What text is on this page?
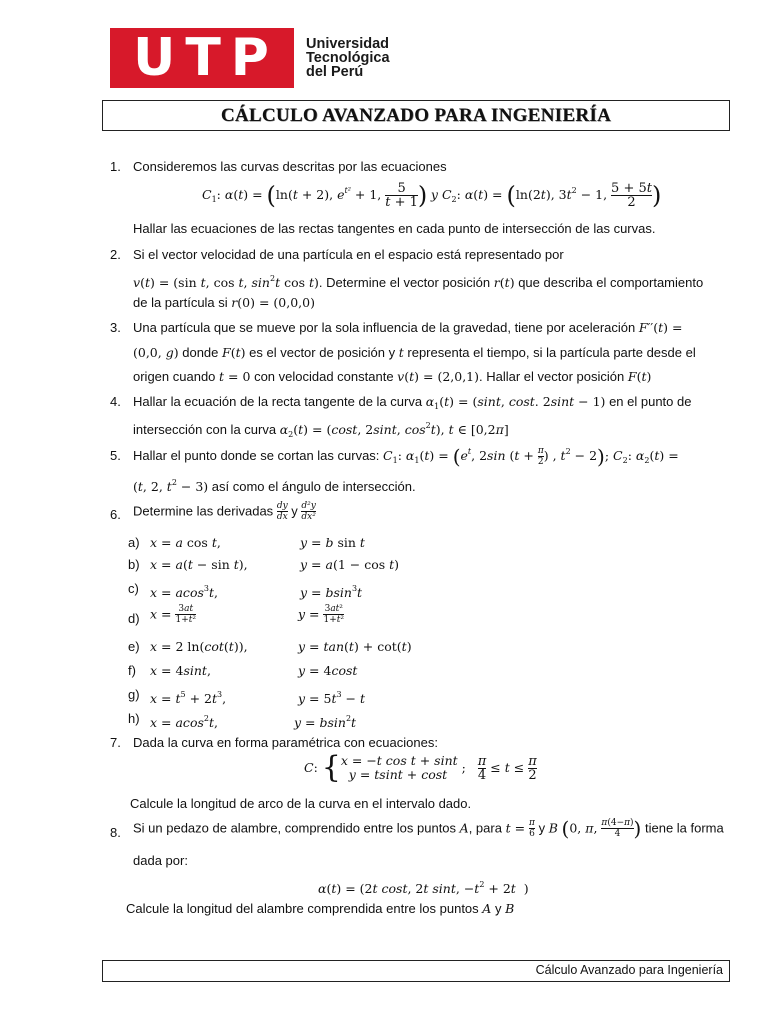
U T P Universidad
Tecnológica
del Perú
CÁLCULO AVANZADO PARA INGENIERÍA
1. Consideremos las curvas descritas por las ecuaciones
$C_1$: α(t) = (ln(t + 2), $e^{t^2} + 1$, $\frac{5}{t + 1}$ ) y $C_2$: α(t) = (ln(2t), $3t^2 - 1$, $\frac{5 + 5t}{2}$ )
Hallar las ecuaciones de las rectas tangentes en cada punto de intersección de las curvas.
2. Si el vector velocidad de una partícula en el espacio está representado por
v(t) = (sin t, cos t, $\sin^2t$ cos t). Determine el vector posición r(t) que describa el comportamiento
de la partícula si r(0) = (0,0,0)
3. Una partícula que se mueve por la sola influencia de la gravedad, tiene por aceleración F′′(t) =
(0,0, g) donde F(t) es el vector de posición y t representa el tiempo, si la partícula parte desde el
origen cuando t = 0 con velocidad constante v(t) = (2,0,1). Hallar el vector posición F(t)
4. Hallar la ecuación de la recta tangente de la curva $\alpha_1(t) = (\sin t$, cost. 2sint − 1) en el punto de
intersección con la curva $\alpha_2(t) = (\cos t$, 2sint, $\cos^2t$), t ∈ [0,2π]
5. Hallar el punto donde se cortan las curvas: $C_1$: $\alpha_1(t) = (e^t$, 2sin ($t + \frac{\pi}{2}$ ) , $t^2 - 2$); $C_2$: $\alpha_2(t)$ =
(t, 2, $t^2 - 3$) así como el ángulo de intersección.
6. Determine las derivadas $\frac{dy}{dx}$ y $\frac{\text{d²y}}{\text{dx²}}$
a) x = a cos t,	y = b sin t
b) x = a(t − sin t),	y = a(1 − cos t)
c) x = acos$^3$t,	y = bsin$^3$t
d) $x = \frac{3at}{\text{1+t²}}$	$y = \frac{\text{3at²}}{\text{1+t²}}$
e) x = 2 ln(cot(t)),	y = tan(t) + cot(t)
f) x = 4sint,	y = 4cost
g) $x = t^5 + 2t^3$,	$y = 5t^3 - t$
h) x = acos$^2$t,	y = bsin$^2$t
7. Dada la curva en forma paramétrica con ecuaciones:
C: { x = −t cos t + sint
y = tsint + cost ; $\frac{\pi}{4} \le t \le \frac{\pi}{2}$
Calcule la longitud de arco de la curva en el intervalo dado.
8. Si un pedazo de alambre, comprendido entre los puntos A, para $t = \frac{\pi}{6}$ y B (0, π, $\frac{\pi(4-\pi)}{4}$ ) tiene la forma
dada por:
α(t) = (2t cost, 2t sint, $-t^2 + 2t$  )
Calcule la longitud del alambre comprendida entre los puntos A y B
Cálculo Avanzado para Ingeniería
